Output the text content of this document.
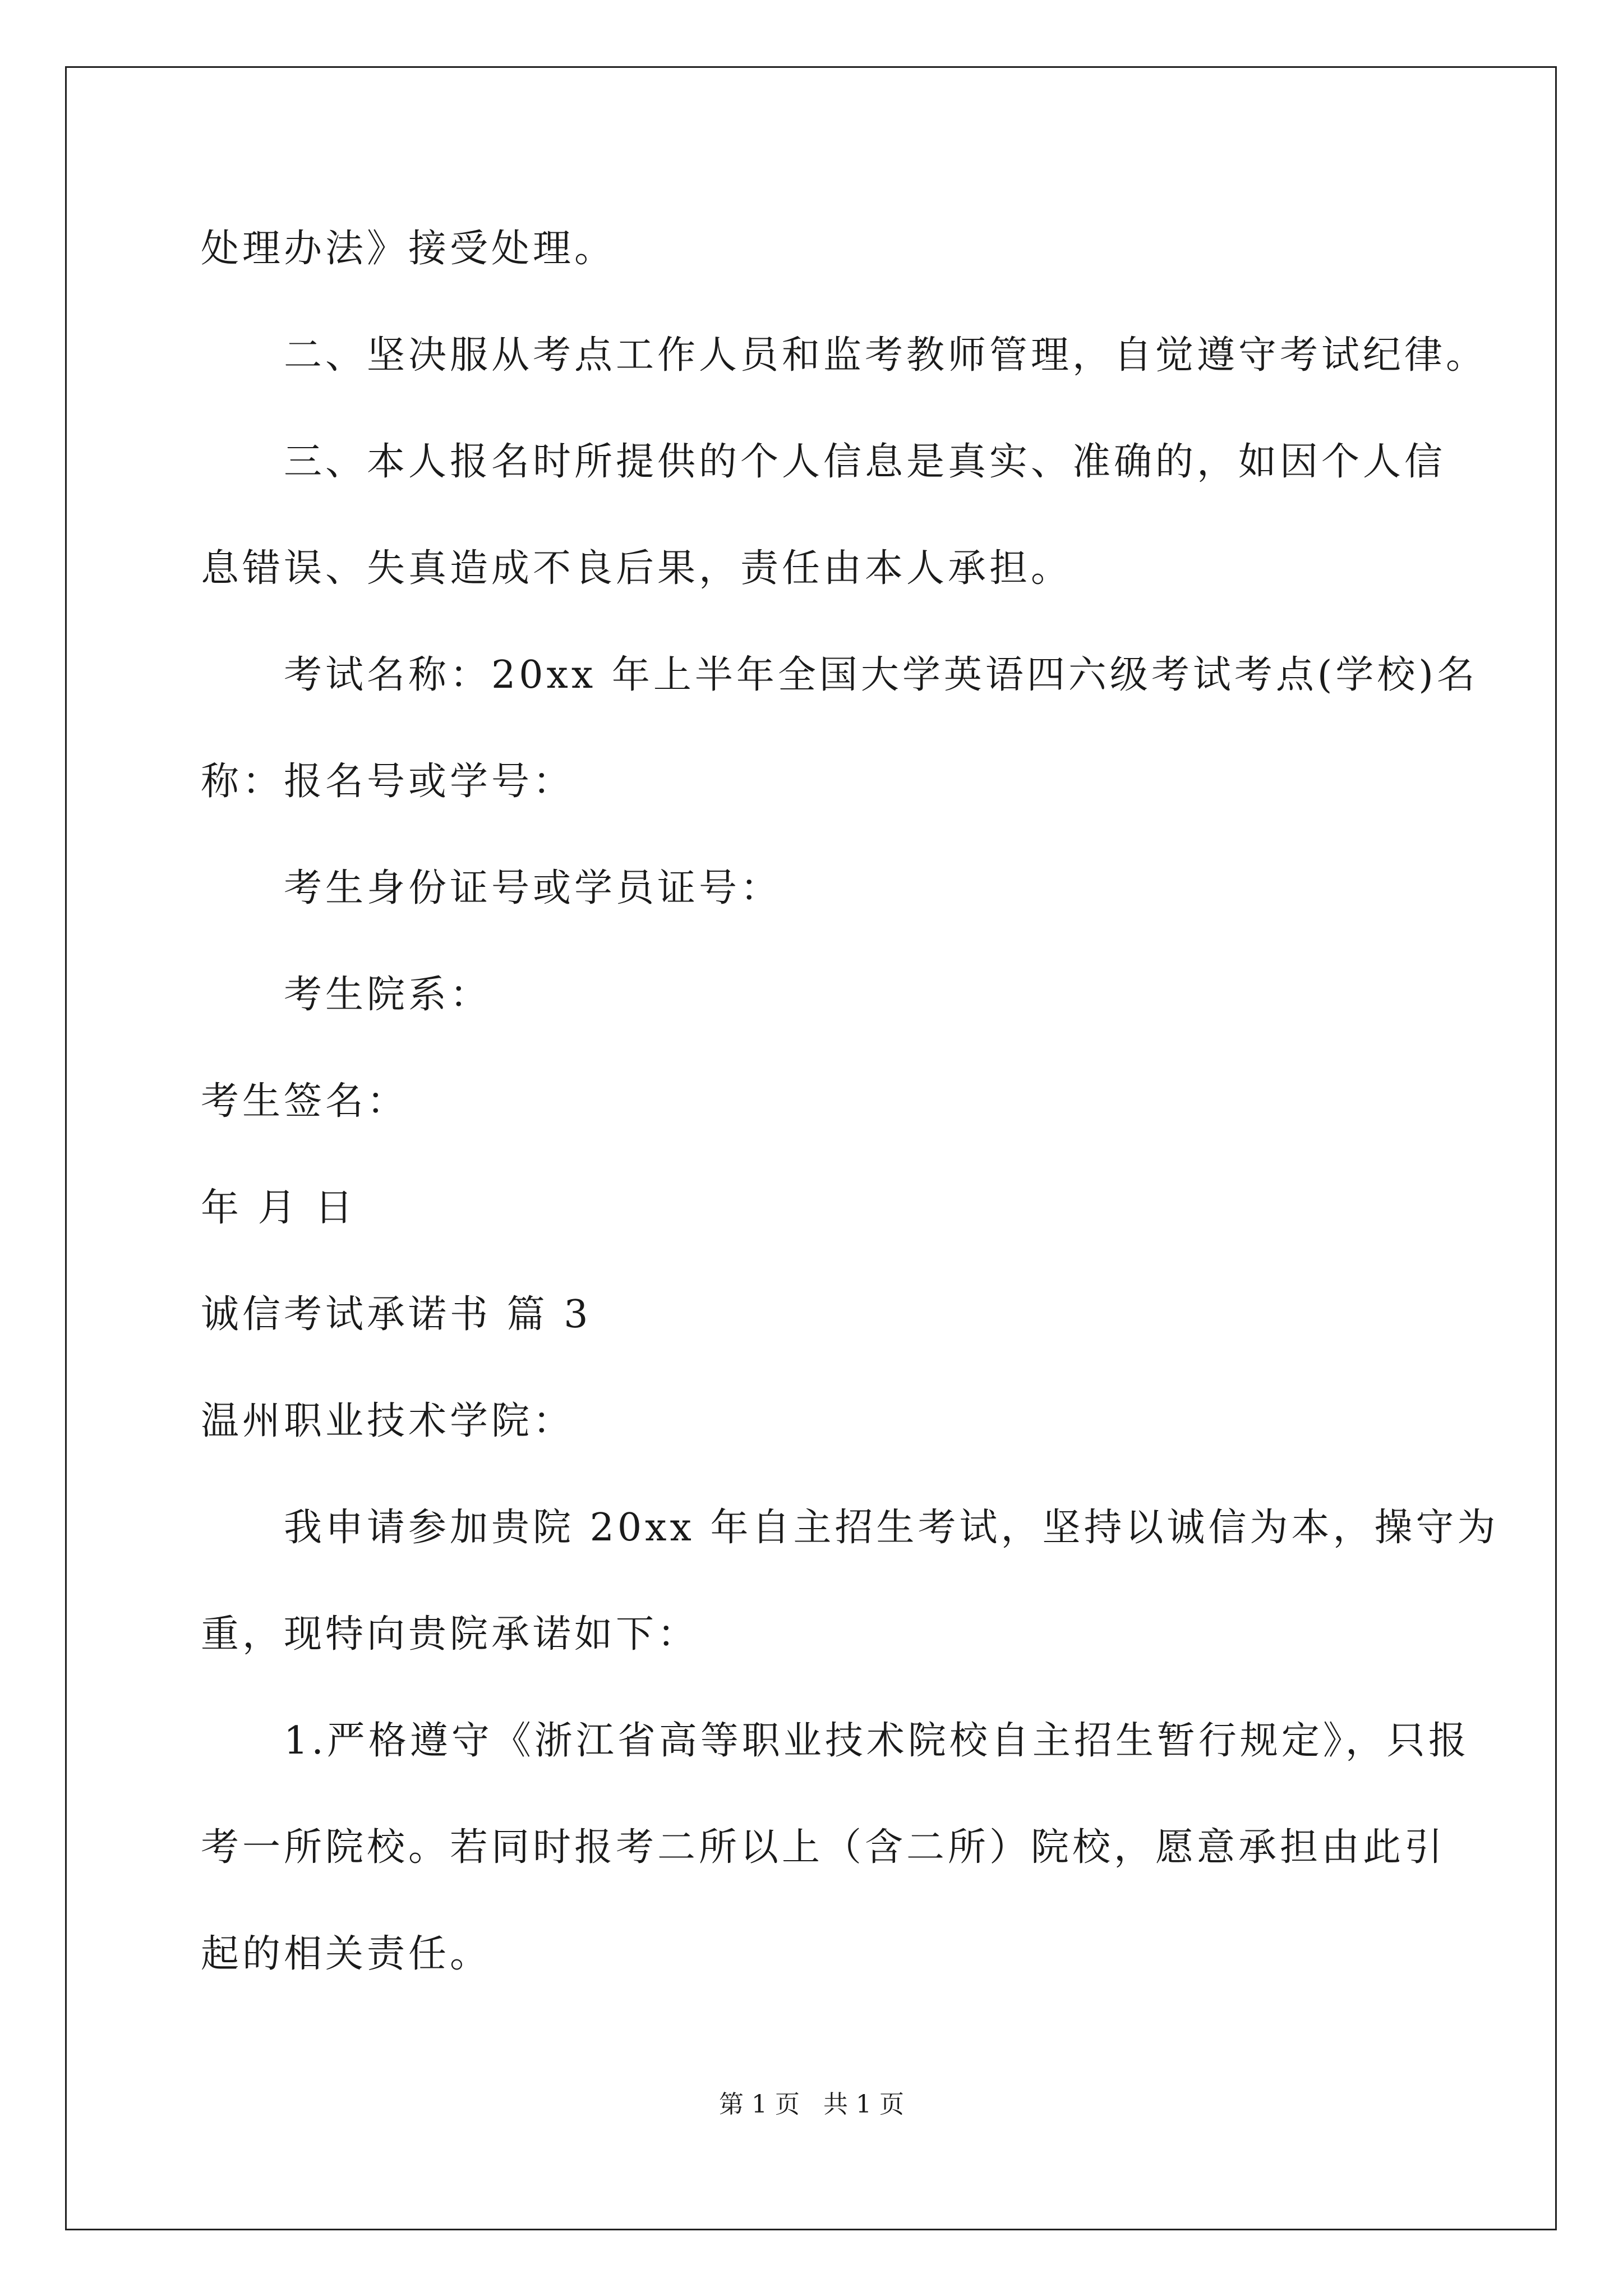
处理办法》接受处理。
二、坚决服从考点工作人员和监考教师管理，自觉遵守考试纪律。
三、本人报名时所提供的个人信息是真实、准确的，如因个人信
息错误、失真造成不良后果，责任由本人承担。
考试名称：20xx 年上半年全国大学英语四六级考试考点(学校)名
称：报名号或学号：
考生身份证号或学员证号：
考生院系：
考生签名：
年 月 日
诚信考试承诺书 篇 3
温州职业技术学院：
我申请参加贵院 20xx 年自主招生考试，坚持以诚信为本，操守为
重，现特向贵院承诺如下：
1.严格遵守《浙江省高等职业技术院校自主招生暂行规定》，只报
考一所院校。若同时报考二所以上（含二所）院校，愿意承担由此引
起的相关责任。
第 1 页 共 1 页
